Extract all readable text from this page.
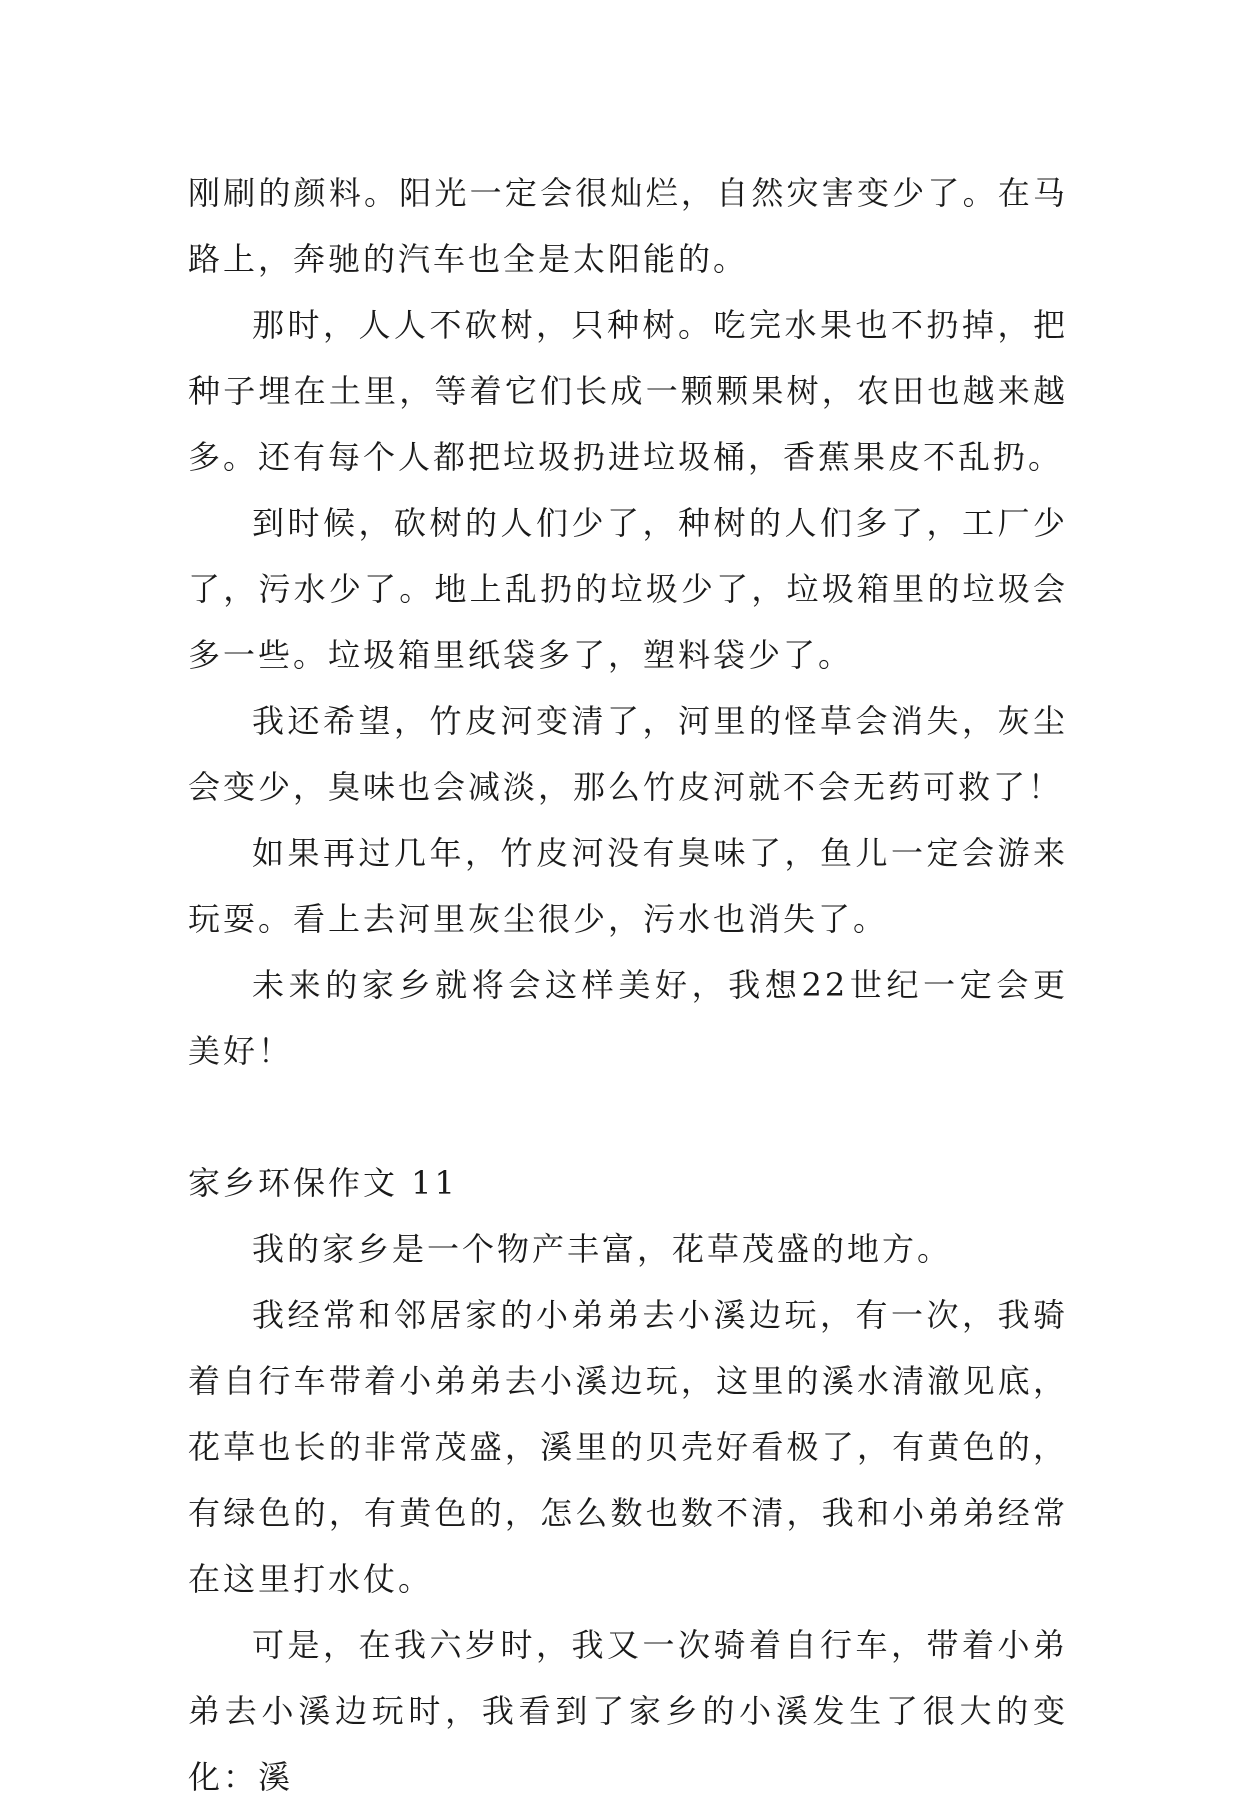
刚刷的颜料。阳光一定会很灿烂，自然灾害变少了。在马路上，奔驰的汽车也全是太阳能的。

那时，人人不砍树，只种树。吃完水果也不扔掉，把种子埋在土里，等着它们长成一颗颗果树，农田也越来越多。还有每个人都把垃圾扔进垃圾桶，香蕉果皮不乱扔。

到时候，砍树的人们少了，种树的人们多了，工厂少了，污水少了。地上乱扔的垃圾少了，垃圾箱里的垃圾会多一些。垃圾箱里纸袋多了，塑料袋少了。

我还希望，竹皮河变清了，河里的怪草会消失，灰尘会变少，臭味也会减淡，那么竹皮河就不会无药可救了！

如果再过几年，竹皮河没有臭味了，鱼儿一定会游来玩耍。看上去河里灰尘很少，污水也消失了。

未来的家乡就将会这样美好，我想22世纪一定会更美好！

家乡环保作文 11

我的家乡是一个物产丰富，花草茂盛的地方。

我经常和邻居家的小弟弟去小溪边玩，有一次，我骑着自行车带着小弟弟去小溪边玩，这里的溪水清澈见底，花草也长的非常茂盛，溪里的贝壳好看极了，有黄色的，有绿色的，有黄色的，怎么数也数不清，我和小弟弟经常在这里打水仗。

可是，在我六岁时，我又一次骑着自行车，带着小弟弟去小溪边玩时，我看到了家乡的小溪发生了很大的变化：溪
